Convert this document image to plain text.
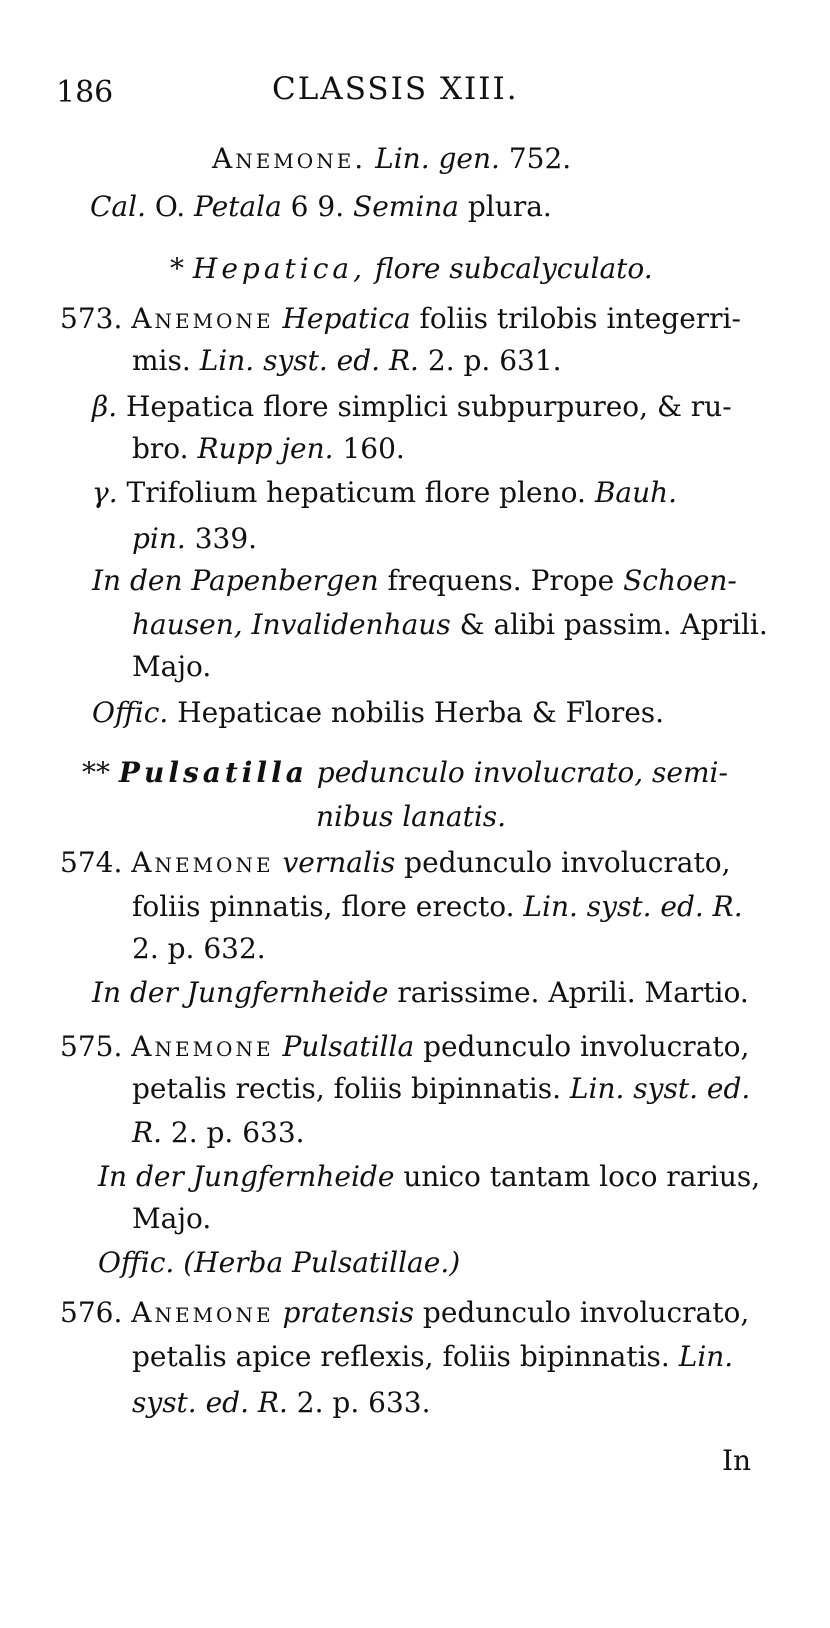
186	CLASSIS XIII.
Anemone. Lin. gen. 752.
Cal. O. Petala 6 9. Semina plura.
* Hepatica, flore subcalyculato.
573. Anemone Hepatica foliis trilobis integerri-
mis. Lin. syst. ed. R. 2. p. 631.
β. Hepatica flore simplici subpurpureo, & ru-
bro. Rupp jen. 160.
γ. Trifolium hepaticum flore pleno. Bauh.
pin. 339.
In den Papenbergen frequens. Prope Schoen-
hausen, Invalidenhaus & alibi passim. Aprili.
Majo.
Offic. Hepaticae nobilis Herba & Flores.
** Pulsatilla pedunculo involucrato, semi-
nibus lanatis.
574. Anemone vernalis pedunculo involucrato,
foliis pinnatis, flore erecto. Lin. syst. ed. R.
2. p. 632.
In der Jungfernheide rarissime. Aprili. Martio.
575. Anemone Pulsatilla pedunculo involucrato,
petalis rectis, foliis bipinnatis. Lin. syst. ed.
R. 2. p. 633.
In der Jungfernheide unico tantam loco rarius,
Majo.
Offic. (Herba Pulsatillae.)
576. Anemone pratensis pedunculo involucrato,
petalis apice reflexis, foliis bipinnatis. Lin.
syst. ed. R. 2. p. 633.
In
